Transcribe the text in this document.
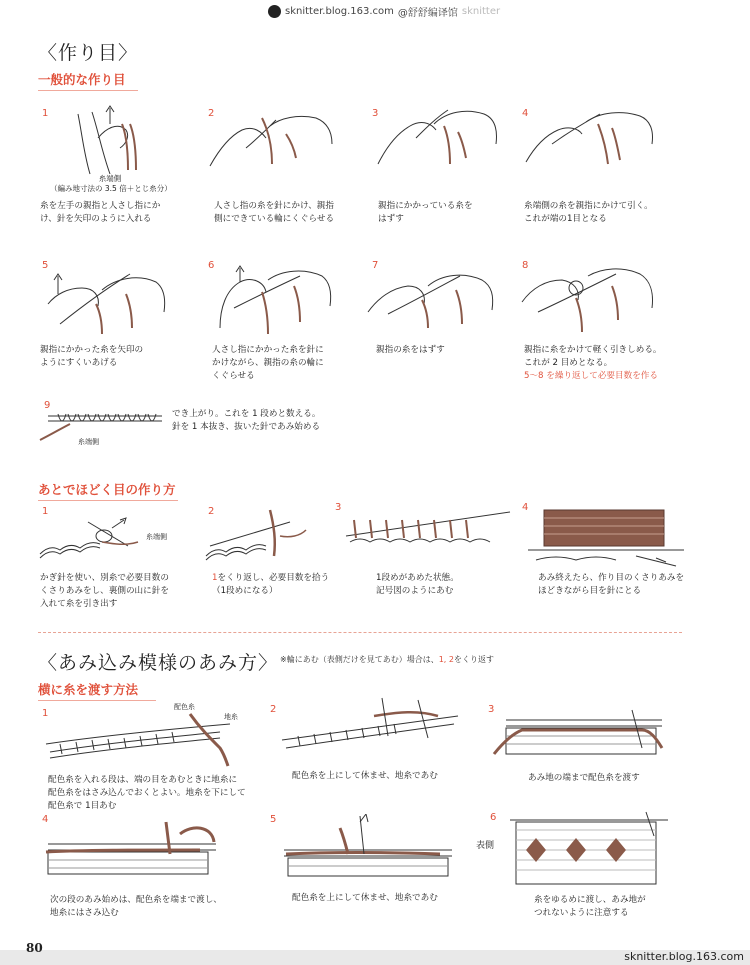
sknitter.blog.163.com @舒舒编译馆 sknitter
〈作り目〉
一般的な作り目
1
糸端側
（編み地寸法の 3.5 倍＋とじ糸分）
糸を左手の親指と人さし指にか
け、針を矢印のように入れる
2
人さし指の糸を針にかけ、親指
側にできている輪にくぐらせる
3
親指にかかっている糸を
はずす
4
糸端側の糸を親指にかけて引く。
これが端の1目となる
5
親指にかかった糸を矢印の
ようにすくいあげる
6
人さし指にかかった糸を針に
かけながら、親指の糸の輪に
くぐらせる
7
親指の糸をはずす
8
親指に糸をかけて軽く引きしめる。
これが 2 目めとなる。
5〜8 を繰り返して必要目数を作る
9
糸端側
でき上がり。これを 1 段めと数える。
針を 1 本抜き、抜いた針であみ始める
あとでほどく目の作り方
1
糸端側
かぎ針を使い、別糸で必要目数の
くさりあみをし、裏側の山に針を
入れて糸を引き出す
2
1をくり返し、必要目数を拾う
（1段めになる）
3
1段めがあめた状態。
記号図のようにあむ
4
あみ終えたら、作り目のくさりあみを
ほどきながら目を針にとる
〈あみ込み模様のあみ方〉 ※輪にあむ（表側だけを見てあむ）場合は、1, 2をくり返す
横に糸を渡す方法
1
配色糸
地糸
配色糸を入れる段は、端の目をあむときに地糸に
配色糸をはさみ込んでおくとよい。地糸を下にして
配色糸で 1目あむ
2
配色糸を上にして休ませ、地糸であむ
3
あみ地の端まで配色糸を渡す
4
次の段のあみ始めは、配色糸を端まで渡し、
地糸にはさみ込む
5
配色糸を上にして休ませ、地糸であむ
6
表側
糸をゆるめに渡し、あみ地が
つれないように注意する
80
sknitter.blog.163.com
